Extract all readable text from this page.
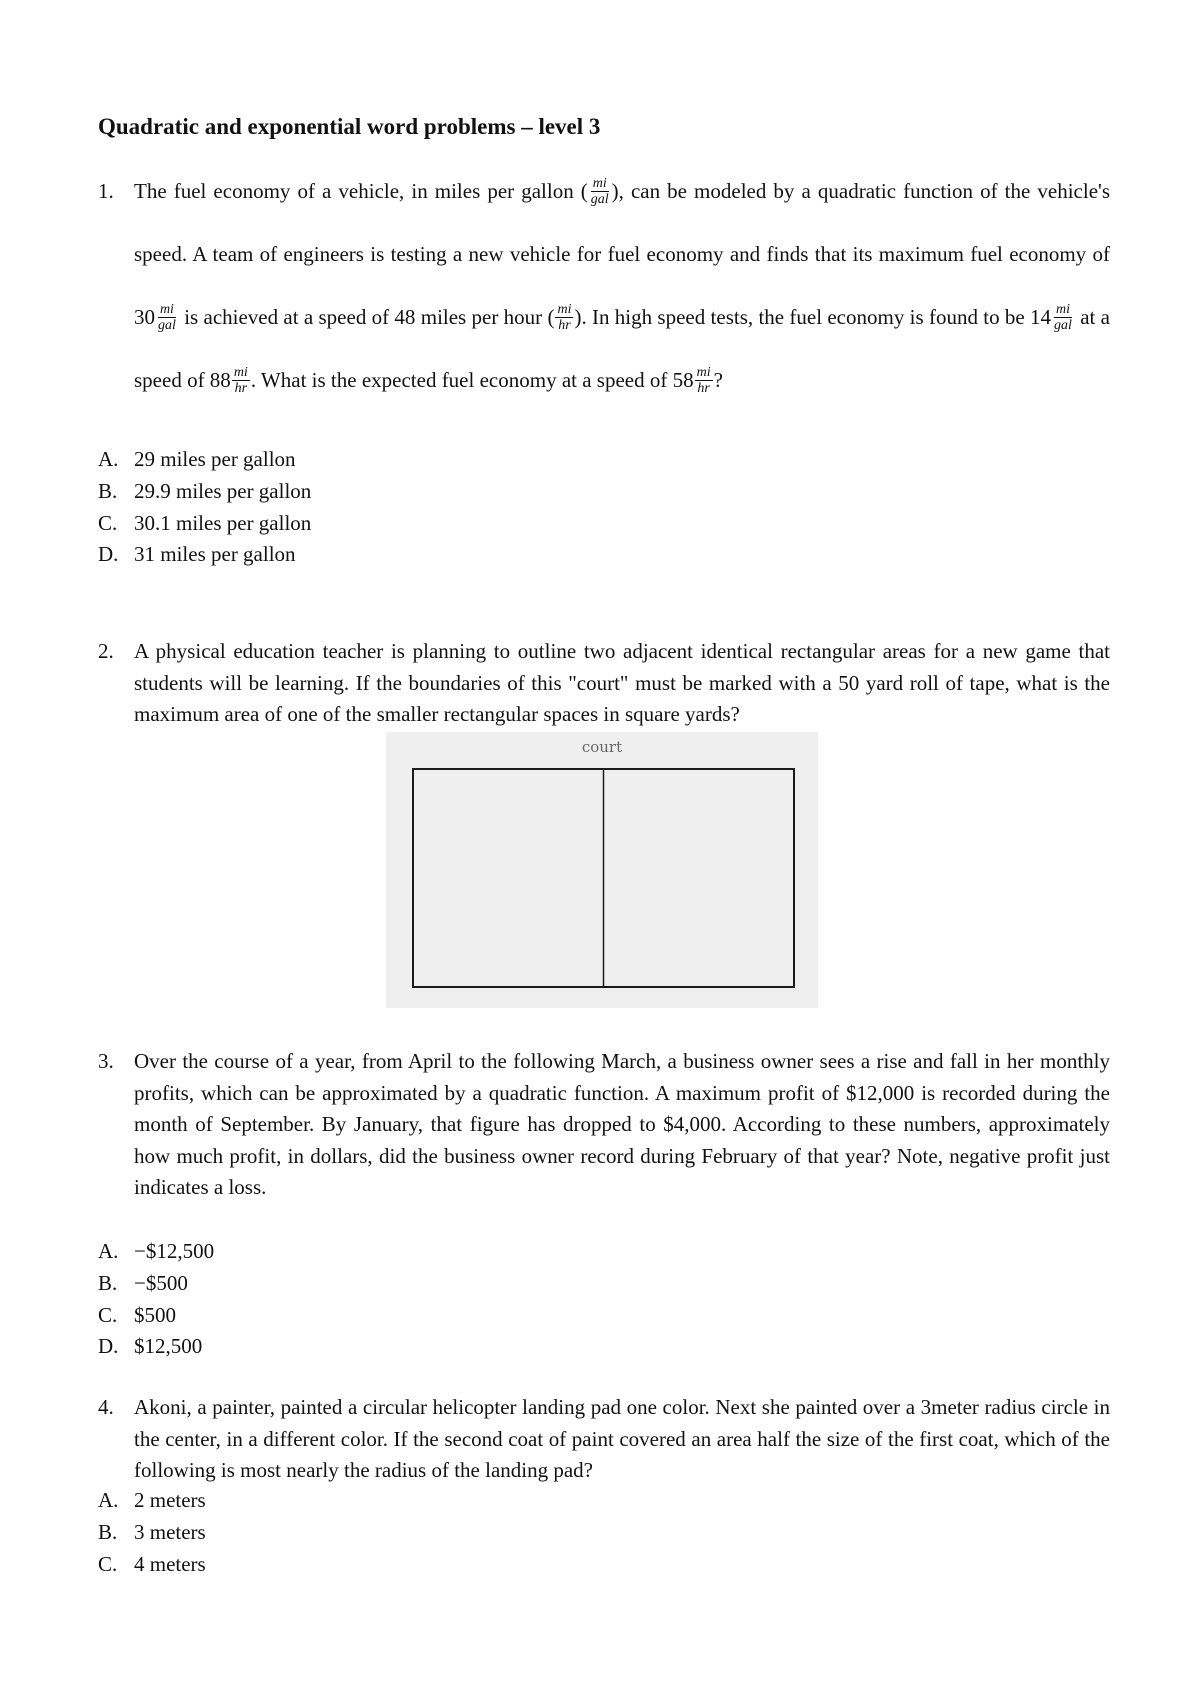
Quadratic and exponential word problems – level 3
1. The fuel economy of a vehicle, in miles per gallon ( $\frac{mi}{\text{gal}}$ ), can be modeled by a quadratic function of the vehicle's speed. A team of engineers is testing a new vehicle for fuel economy and finds that its maximum fuel economy of $30 \frac{mi}{\text{gal}}$ is achieved at a speed of 48 miles per hour ( $\frac{mi}{hr}$ ). In high speed tests, the fuel economy is found to be $14 \frac{mi}{\text{gal}}$ at a speed of $88 \frac{mi}{hr}$ . What is the expected fuel economy at a speed of $58 \frac{mi}{hr}$ ?
A. 29 miles per gallon
B. 29.9 miles per gallon
C. 30.1 miles per gallon
D. 31 miles per gallon
2. A physical education teacher is planning to outline two adjacent identical rectangular areas for a new game that students will be learning. If the boundaries of this "court" must be marked with a 50 yard roll of tape, what is the maximum area of one of the smaller rectangular spaces in square yards?
court
3. Over the course of a year, from April to the following March, a business owner sees a rise and fall in her monthly profits, which can be approximated by a quadratic function. A maximum profit of $12,000 is recorded during the month of September. By January, that figure has dropped to $4,000. According to these numbers, approximately how much profit, in dollars, did the business owner record during February of that year? Note, negative profit just indicates a loss.
A. −$12,500
B. −$500
C. $500
D. $12,500
4. Akoni, a painter, painted a circular helicopter landing pad one color. Next she painted over a 3meter radius circle in the center, in a different color. If the second coat of paint covered an area half the size of the first coat, which of the following is most nearly the radius of the landing pad?
A. 2 meters
B. 3 meters
C. 4 meters
